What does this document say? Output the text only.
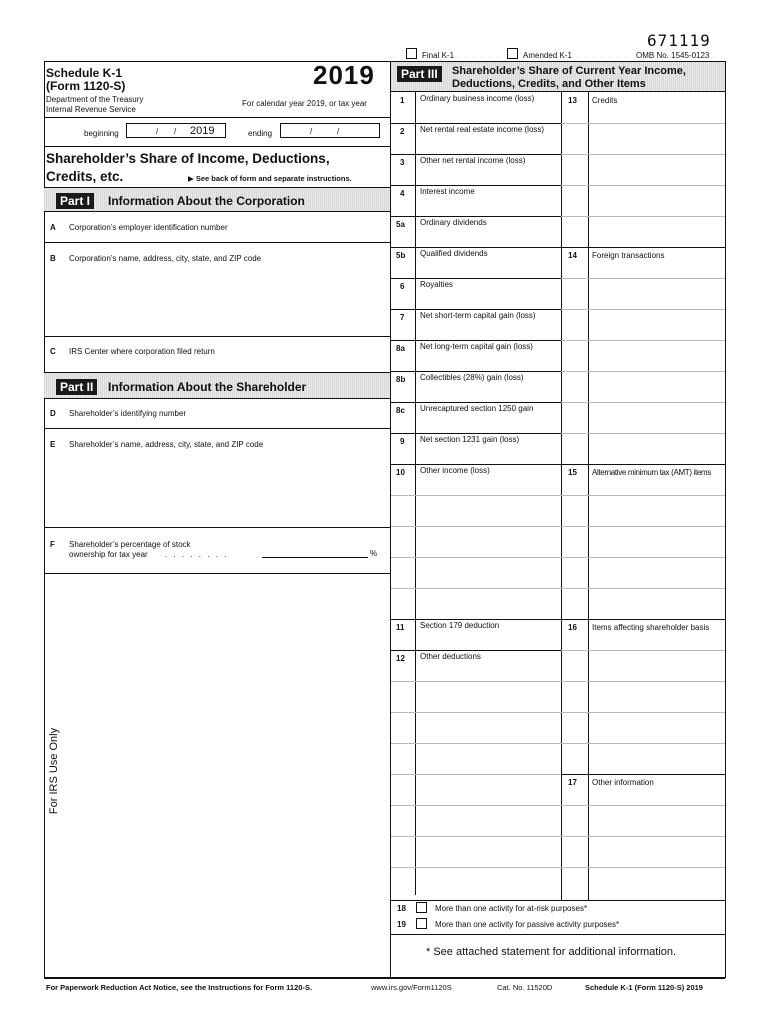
671119
Final K-1	Amended K-1	OMB No. 1545-0123
Schedule K-1
(Form 1120-S)	2019
Department of the Treasury
Internal Revenue Service
For calendar year 2019, or tax year
beginning	/ / 2019	ending	/	/
Shareholder’s Share of Income, Deductions,
Credits, etc.	▶ See back of form and separate instructions.
Part I	Information About the Corporation
A Corporation’s employer identification number
B Corporation’s name, address, city, state, and ZIP code
C IRS Center where corporation filed return
Part II	Information About the Shareholder
D Shareholder’s identifying number
E Shareholder’s name, address, city, state, and ZIP code
F Shareholder’s percentage of stock
ownership for tax year . . . . . . . .	%
For IRS Use Only
Part III	Shareholder’s Share of Current Year Income,
Deductions, Credits, and Other Items
1 Ordinary business income (loss)	13 Credits
2 Net rental real estate income (loss)
3 Other net rental income (loss)
4 Interest income
5a Ordinary dividends
5b Qualified dividends	14 Foreign transactions
6 Royalties
7 Net short-term capital gain (loss)
8a Net long-term capital gain (loss)
8b Collectibles (28%) gain (loss)
8c Unrecaptured section 1250 gain
9 Net section 1231 gain (loss)
10 Other income (loss)	15 Alternative minimum tax (AMT) items
11 Section 179 deduction	16 Items affecting shareholder basis
12 Other deductions
17 Other information
18	More than one activity for at-risk purposes*
19	More than one activity for passive activity purposes*
* See attached statement for additional information.
For Paperwork Reduction Act Notice, see the Instructions for Form 1120-S.	www.irs.gov/Form1120S	Cat. No. 11520D	Schedule K-1 (Form 1120-S) 2019
